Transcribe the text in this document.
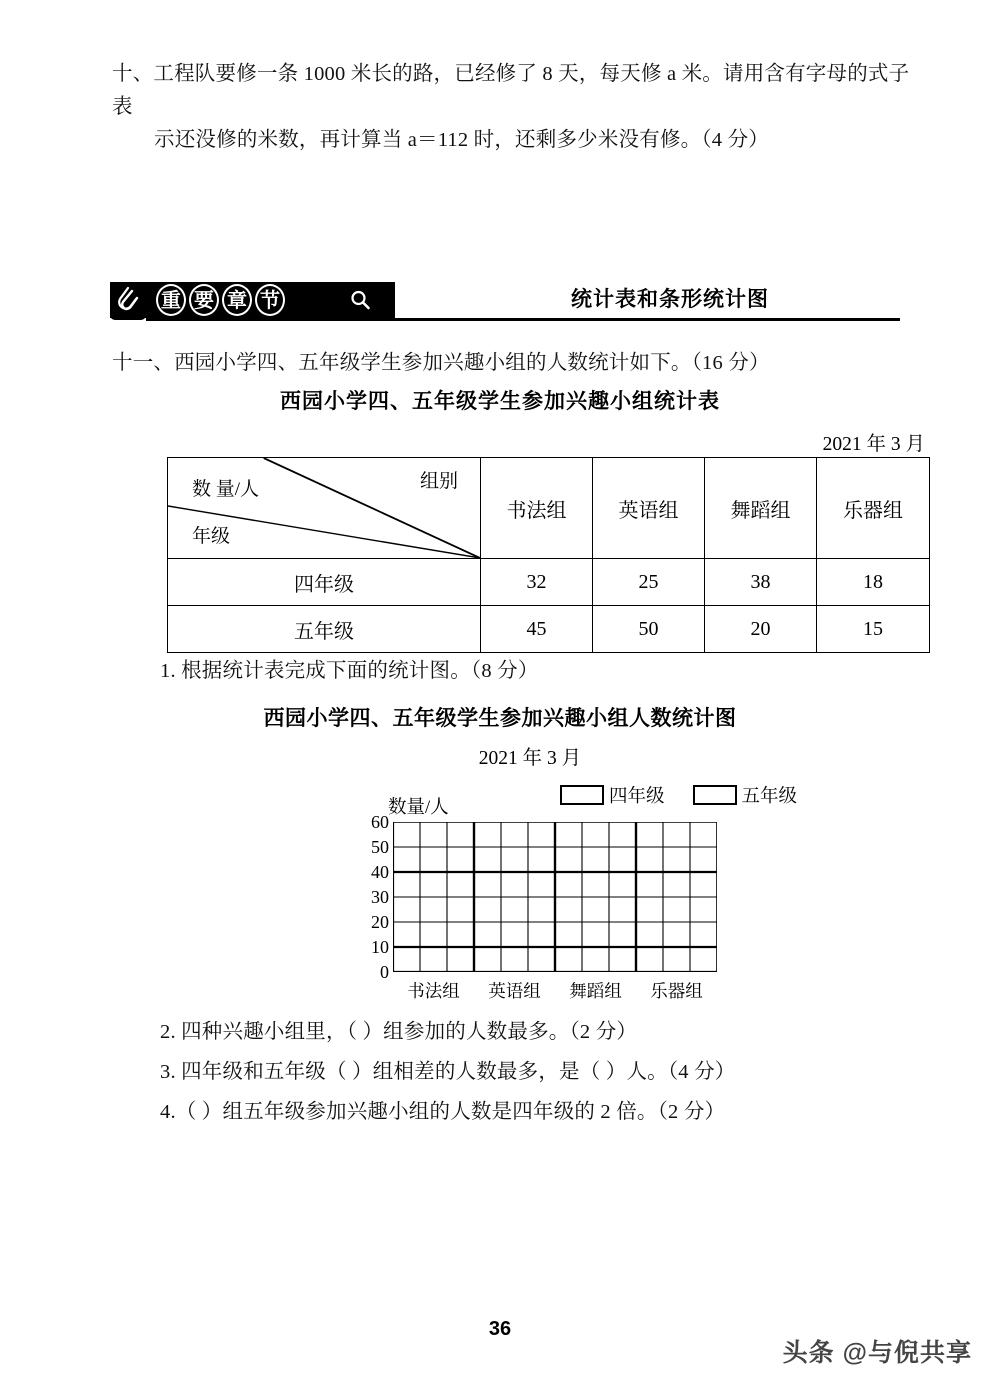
十、工程队要修一条 1000 米长的路，已经修了 8 天，每天修 a 米。请用含有字母的式子表
示还没修的米数，再计算当 a＝112 时，还剩多少米没有修。（4 分）
重 要 章 节	统计表和条形统计图
十一、西园小学四、五年级学生参加兴趣小组的人数统计如下。（16 分）
西园小学四、五年级学生参加兴趣小组统计表
2021 年 3 月
组别
数 量/人
年级	书法组	英语组	舞蹈组	乐器组
四年级	32	25	38	18
五年级	45	50	20	15
1. 根据统计表完成下面的统计图。（8 分）
西园小学四、五年级学生参加兴趣小组人数统计图
2021 年 3 月
四年级	五年级
数量/人
60
50
40
30
20
10
0
书法组	英语组	舞蹈组	乐器组
2. 四种兴趣小组里，（ ）组参加的人数最多。（2 分）
3. 四年级和五年级（ ）组相差的人数最多，是（ ）人。（4 分）
4.（ ）组五年级参加兴趣小组的人数是四年级的 2 倍。（2 分）
36
头条 @与倪共享
